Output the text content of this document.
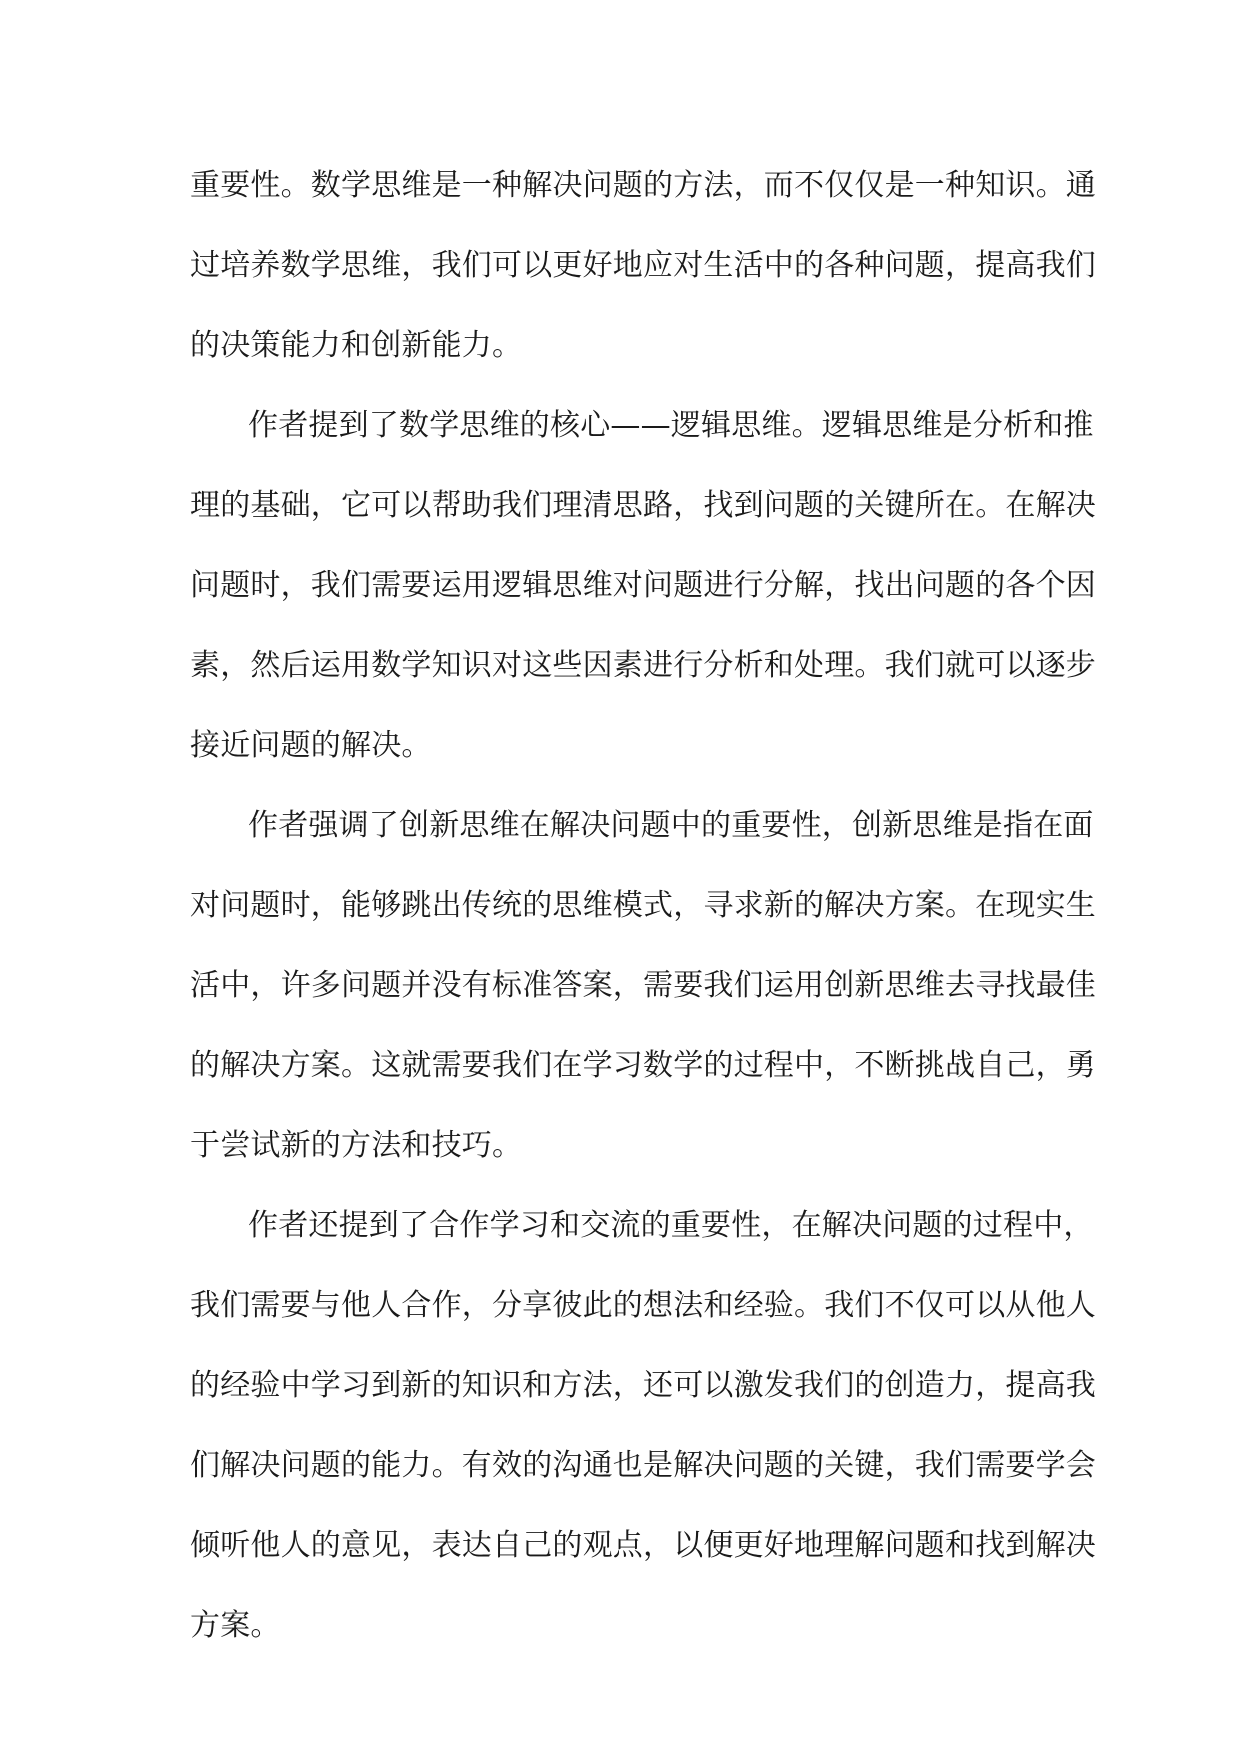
重要性。数学思维是一种解决问题的方法，而不仅仅是一种知识。通
过培养数学思维，我们可以更好地应对生活中的各种问题，提高我们
的决策能力和创新能力。
作者提到了数学思维的核心——逻辑思维。逻辑思维是分析和推
理的基础，它可以帮助我们理清思路，找到问题的关键所在。在解决
问题时，我们需要运用逻辑思维对问题进行分解，找出问题的各个因
素，然后运用数学知识对这些因素进行分析和处理。我们就可以逐步
接近问题的解决。
作者强调了创新思维在解决问题中的重要性，创新思维是指在面
对问题时，能够跳出传统的思维模式，寻求新的解决方案。在现实生
活中，许多问题并没有标准答案，需要我们运用创新思维去寻找最佳
的解决方案。这就需要我们在学习数学的过程中，不断挑战自己，勇
于尝试新的方法和技巧。
作者还提到了合作学习和交流的重要性，在解决问题的过程中，
我们需要与他人合作，分享彼此的想法和经验。我们不仅可以从他人
的经验中学习到新的知识和方法，还可以激发我们的创造力，提高我
们解决问题的能力。有效的沟通也是解决问题的关键，我们需要学会
倾听他人的意见，表达自己的观点，以便更好地理解问题和找到解决
方案。
